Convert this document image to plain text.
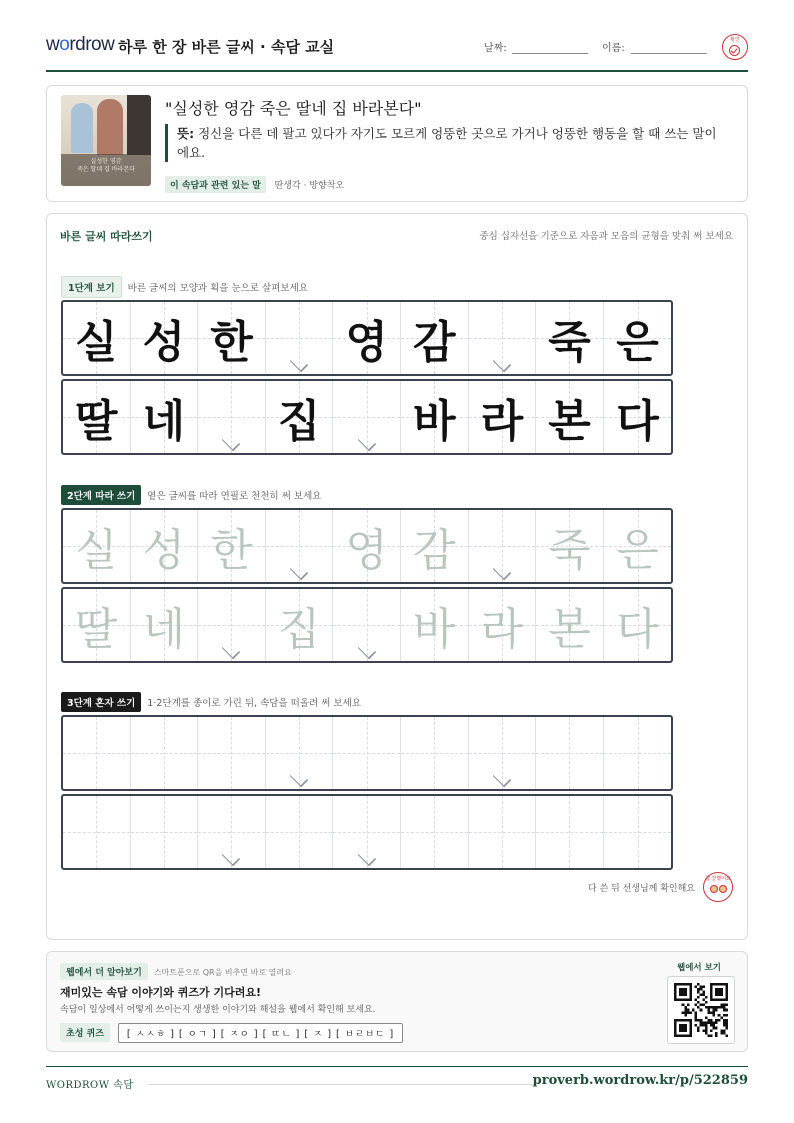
wordrow 하루 한 장 바른 글씨 · 속담 교실	날짜:	이름:
확인
실성한 영감
죽은 딸네 집 바라본다
"실성한 영감 죽은 딸네 집 바라본다"
뜻: 정신을 다른 데 팔고 있다가 자기도 모르게 엉뚱한 곳으로 가거나 엉뚱한 행동을 할 때 쓰는 말이에요.
이 속담과 관련 있는 말 딴생각 · 방향착오
바른 글씨 따라쓰기	중심 십자선을 기준으로 자음과 모음의 균형을 맞춰 써 보세요
1단계 보기 바른 글씨의 모양과 획을 눈으로 살펴보세요
실 성 한 영 감 죽 은
딸 네 집 바 라 본 다
2단계 따라 쓰기 옅은 글씨를 따라 연필로 천천히 써 보세요
실 성 한 영 감 죽 은
딸 네 집 바 라 본 다
3단계 혼자 쓰기 1·2단계를 종이로 가린 뒤, 속담을 떠올려 써 보세요
다 쓴 뒤 선생님께 확인해요
참 잘했어요
웹에서 더 알아보기 스마트폰으로 QR을 비추면 바로 열려요
재미있는 속담 이야기와 퀴즈가 기다려요!
속담이 일상에서 어떻게 쓰이는지 생생한 이야기와 해설을 웹에서 확인해 보세요.
초성 퀴즈 [ ㅅㅅㅎ ] [ ㅇㄱ ] [ ㅈㅇ ] [ ㄸㄴ ] [ ㅈ ] [ ㅂㄹㅂㄷ ]
웹에서 보기
WORDROW 속담	proverb.wordrow.kr/p/522859
